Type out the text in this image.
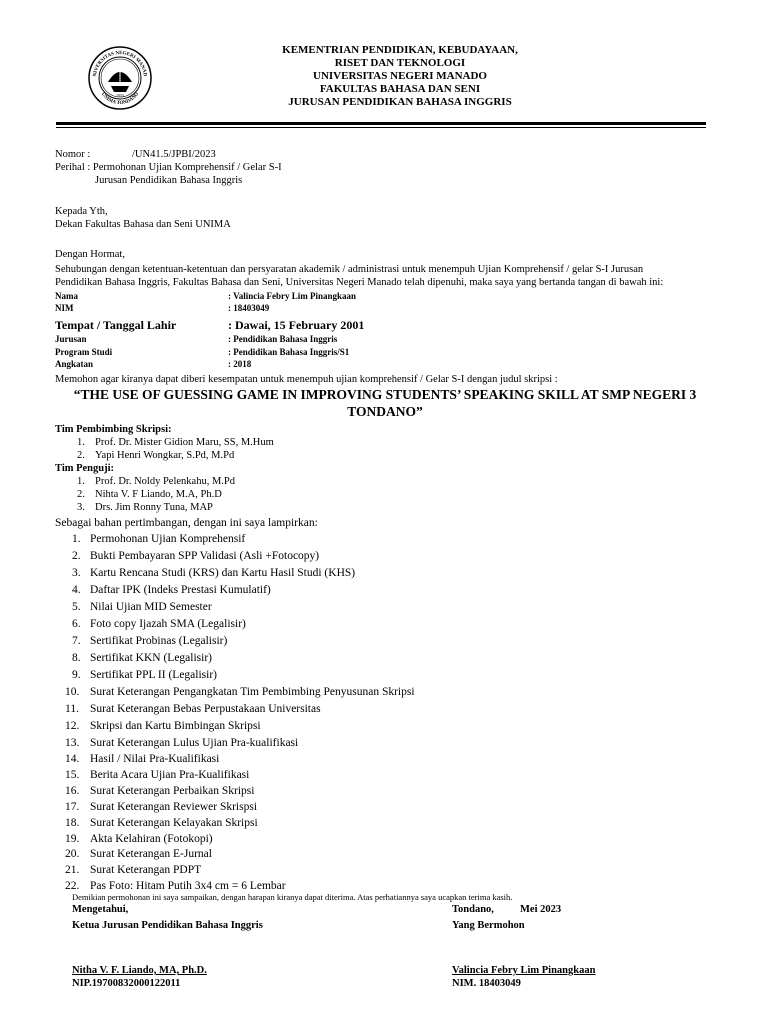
1955
NIVERSITAS NEGERI MANAD
UNIMA TONDANO
KEMENTRIAN PENDIDIKAN, KEBUDAYAAN,
RISET DAN TEKNOLOGI
UNIVERSITAS NEGERI MANADO
FAKULTAS BAHASA DAN SENI
JURUSAN PENDIDIKAN BAHASA INGGRIS
Nomor :	/UN41.5/JPBI/2023
Perihal : Permohonan Ujian Komprehensif / Gelar S-I
Jurusan Pendidikan Bahasa Inggris
Kepada Yth,
Dekan Fakultas Bahasa dan Seni UNIMA
Dengan Hormat,
Sehubungan dengan ketentuan-ketentuan dan persyaratan akademik / administrasi untuk menempuh Ujian Komprehensif / gelar S-I Jurusan
Pendidikan Bahasa Inggris, Fakultas Bahasa dan Seni, Universitas Negeri Manado telah dipenuhi, maka saya yang bertanda tangan di bawah ini:
Nama	: Valincia Febry Lim Pinangkaan
NIM	: 18403049
Tempat / Tanggal Lahir	: Dawai, 15 February 2001
Jurusan	: Pendidikan Bahasa Inggris
Program Studi	: Pendidikan Bahasa Inggris/S1
Angkatan	: 2018
Memohon agar kiranya dapat diberi kesempatan untuk menempuh ujian komprehensif / Gelar S-I dengan judul skripsi :
“THE USE OF GUESSING GAME IN IMPROVING STUDENTS’ SPEAKING SKILL AT SMP NEGERI 3
TONDANO”
Tim Pembimbing Skripsi:
1. Prof. Dr. Mister Gidion Maru, SS, M.Hum
2. Yapi Henri Wongkar, S.Pd, M.Pd
Tim Penguji:
1. Prof. Dr. Noldy Pelenkahu, M.Pd
2. Nihta V. F Liando, M.A, Ph.D
3. Drs. Jim Ronny Tuna, MAP
Sebagai bahan pertimbangan, dengan ini saya lampirkan:
1. Permohonan Ujian Komprehensif
2. Bukti Pembayaran SPP Validasi (Asli +Fotocopy)
3. Kartu Rencana Studi (KRS) dan Kartu Hasil Studi (KHS)
4. Daftar IPK (Indeks Prestasi Kumulatif)
5. Nilai Ujian MID Semester
6. Foto copy Ijazah SMA (Legalisir)
7. Sertifikat Probinas (Legalisir)
8. Sertifikat KKN (Legalisir)
9. Sertifikat PPL II (Legalisir)
10. Surat Keterangan Pengangkatan Tim Pembimbing Penyusunan Skripsi
11. Surat Keterangan Bebas Perpustakaan Universitas
12. Skripsi dan Kartu Bimbingan Skripsi
13. Surat Keterangan Lulus Ujian Pra-kualifikasi
14. Hasil / Nilai Pra-Kualifikasi
15. Berita Acara Ujian Pra-Kualifikasi
16. Surat Keterangan Perbaikan Skripsi
17. Surat Keterangan Reviewer Skrispsi
18. Surat Keterangan Kelayakan Skripsi
19. Akta Kelahiran (Fotokopi)
20. Surat Keterangan E-Jurnal
21. Surat Keterangan PDPT
22. Pas Foto: Hitam Putih 3x4 cm = 6 Lembar
Demikian permohonan ini saya sampaikan, dengan harapan kiranya dapat diterima. Atas perhatiannya saya ucapkan terima kasih.
Mengetahui,
Ketua Jurusan Pendidikan Bahasa Inggris
Nitha V. F. Liando, MA, Ph.D.
NIP.19700832000122011
Tondano, Mei 2023
Yang Bermohon
Valincia Febry Lim Pinangkaan
NIM. 18403049
